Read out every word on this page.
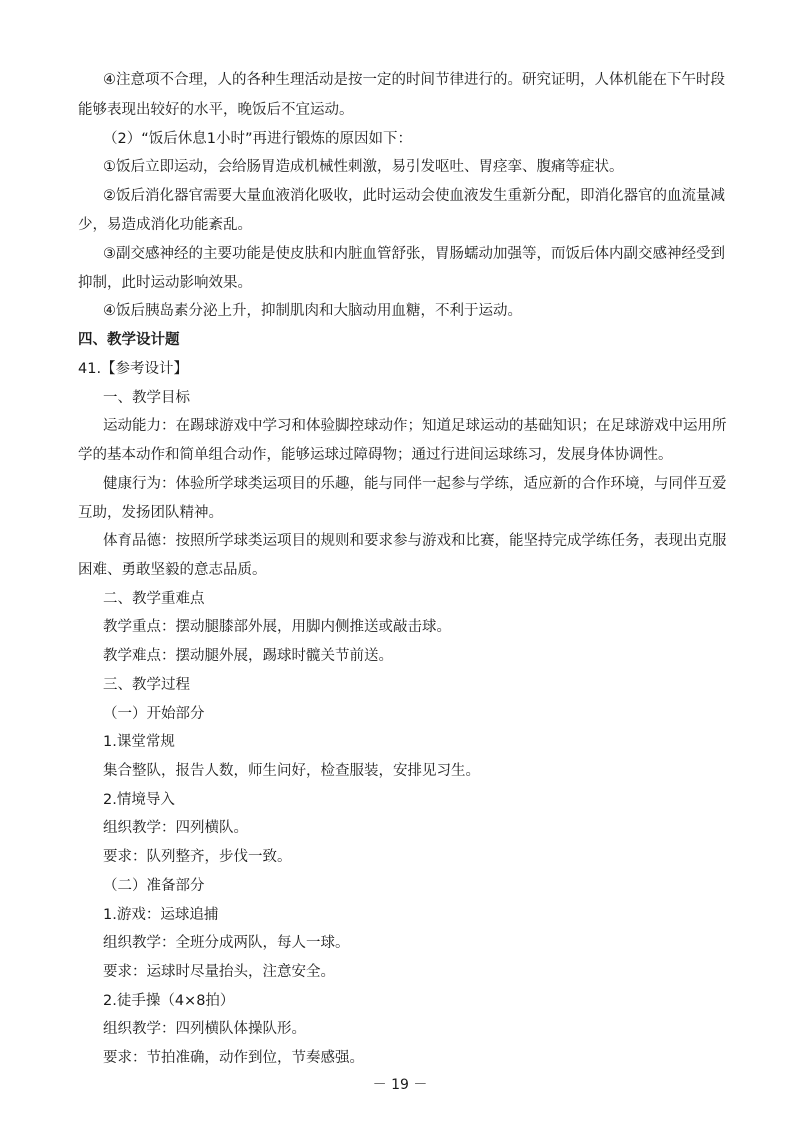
④注意项不合理，人的各种生理活动是按一定的时间节律进行的。研究证明，人体机能在下午时段
能够表现出较好的水平，晚饭后不宜运动。
（2）“饭后休息1小时”再进行锻炼的原因如下：
①饭后立即运动，会给肠胃造成机械性刺激，易引发呕吐、胃痉挛、腹痛等症状。
②饭后消化器官需要大量血液消化吸收，此时运动会使血液发生重新分配，即消化器官的血流量减
少，易造成消化功能紊乱。
③副交感神经的主要功能是使皮肤和内脏血管舒张，胃肠蠕动加强等，而饭后体内副交感神经受到
抑制，此时运动影响效果。
④饭后胰岛素分泌上升，抑制肌肉和大脑动用血糖，不利于运动。
四、教学设计题
41.【参考设计】
一、教学目标
运动能力：在踢球游戏中学习和体验脚控球动作；知道足球运动的基础知识；在足球游戏中运用所
学的基本动作和简单组合动作，能够运球过障碍物；通过行进间运球练习，发展身体协调性。
健康行为：体验所学球类运项目的乐趣，能与同伴一起参与学练，适应新的合作环境，与同伴互爱
互助，发扬团队精神。
体育品德：按照所学球类运项目的规则和要求参与游戏和比赛，能坚持完成学练任务，表现出克服
困难、勇敢坚毅的意志品质。
二、教学重难点
教学重点：摆动腿膝部外展，用脚内侧推送或敲击球。
教学难点：摆动腿外展，踢球时髋关节前送。
三、教学过程
（一）开始部分
1.课堂常规
集合整队，报告人数，师生问好，检查服装，安排见习生。
2.情境导入
组织教学：四列横队。
要求：队列整齐，步伐一致。
（二）准备部分
1.游戏：运球追捕
组织教学：全班分成两队，每人一球。
要求：运球时尽量抬头，注意安全。
2.徒手操（4×8拍）
组织教学：四列横队体操队形。
要求：节拍准确，动作到位，节奏感强。
－ 19 －
